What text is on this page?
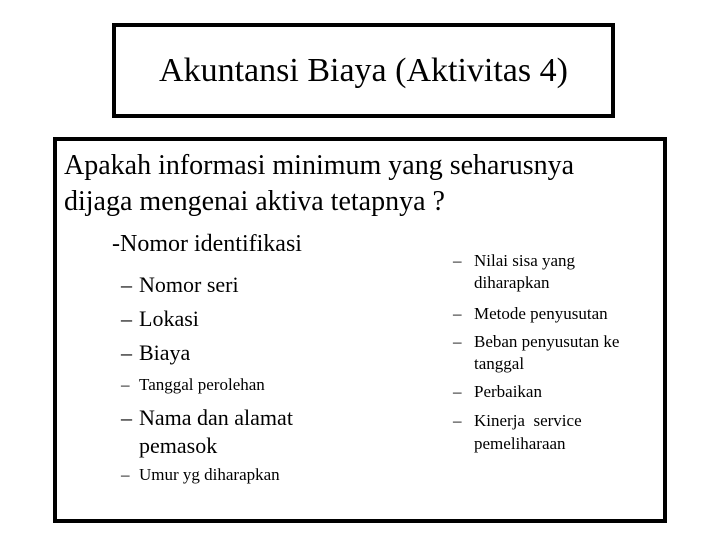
Akuntansi Biaya (Aktivitas 4)
Apakah informasi minimum yang seharusnya
dijaga mengenai aktiva tetapnya ?
-Nomor identifikasi
– Nomor seri
– Lokasi
– Biaya
– Tanggal perolehan
– Nama dan alamat
pemasok
– Umur yg diharapkan
– Nilai sisa yang
diharapkan
– Metode penyusutan
– Beban penyusutan ke
tanggal
– Perbaikan
– Kinerja  service
pemeliharaan
